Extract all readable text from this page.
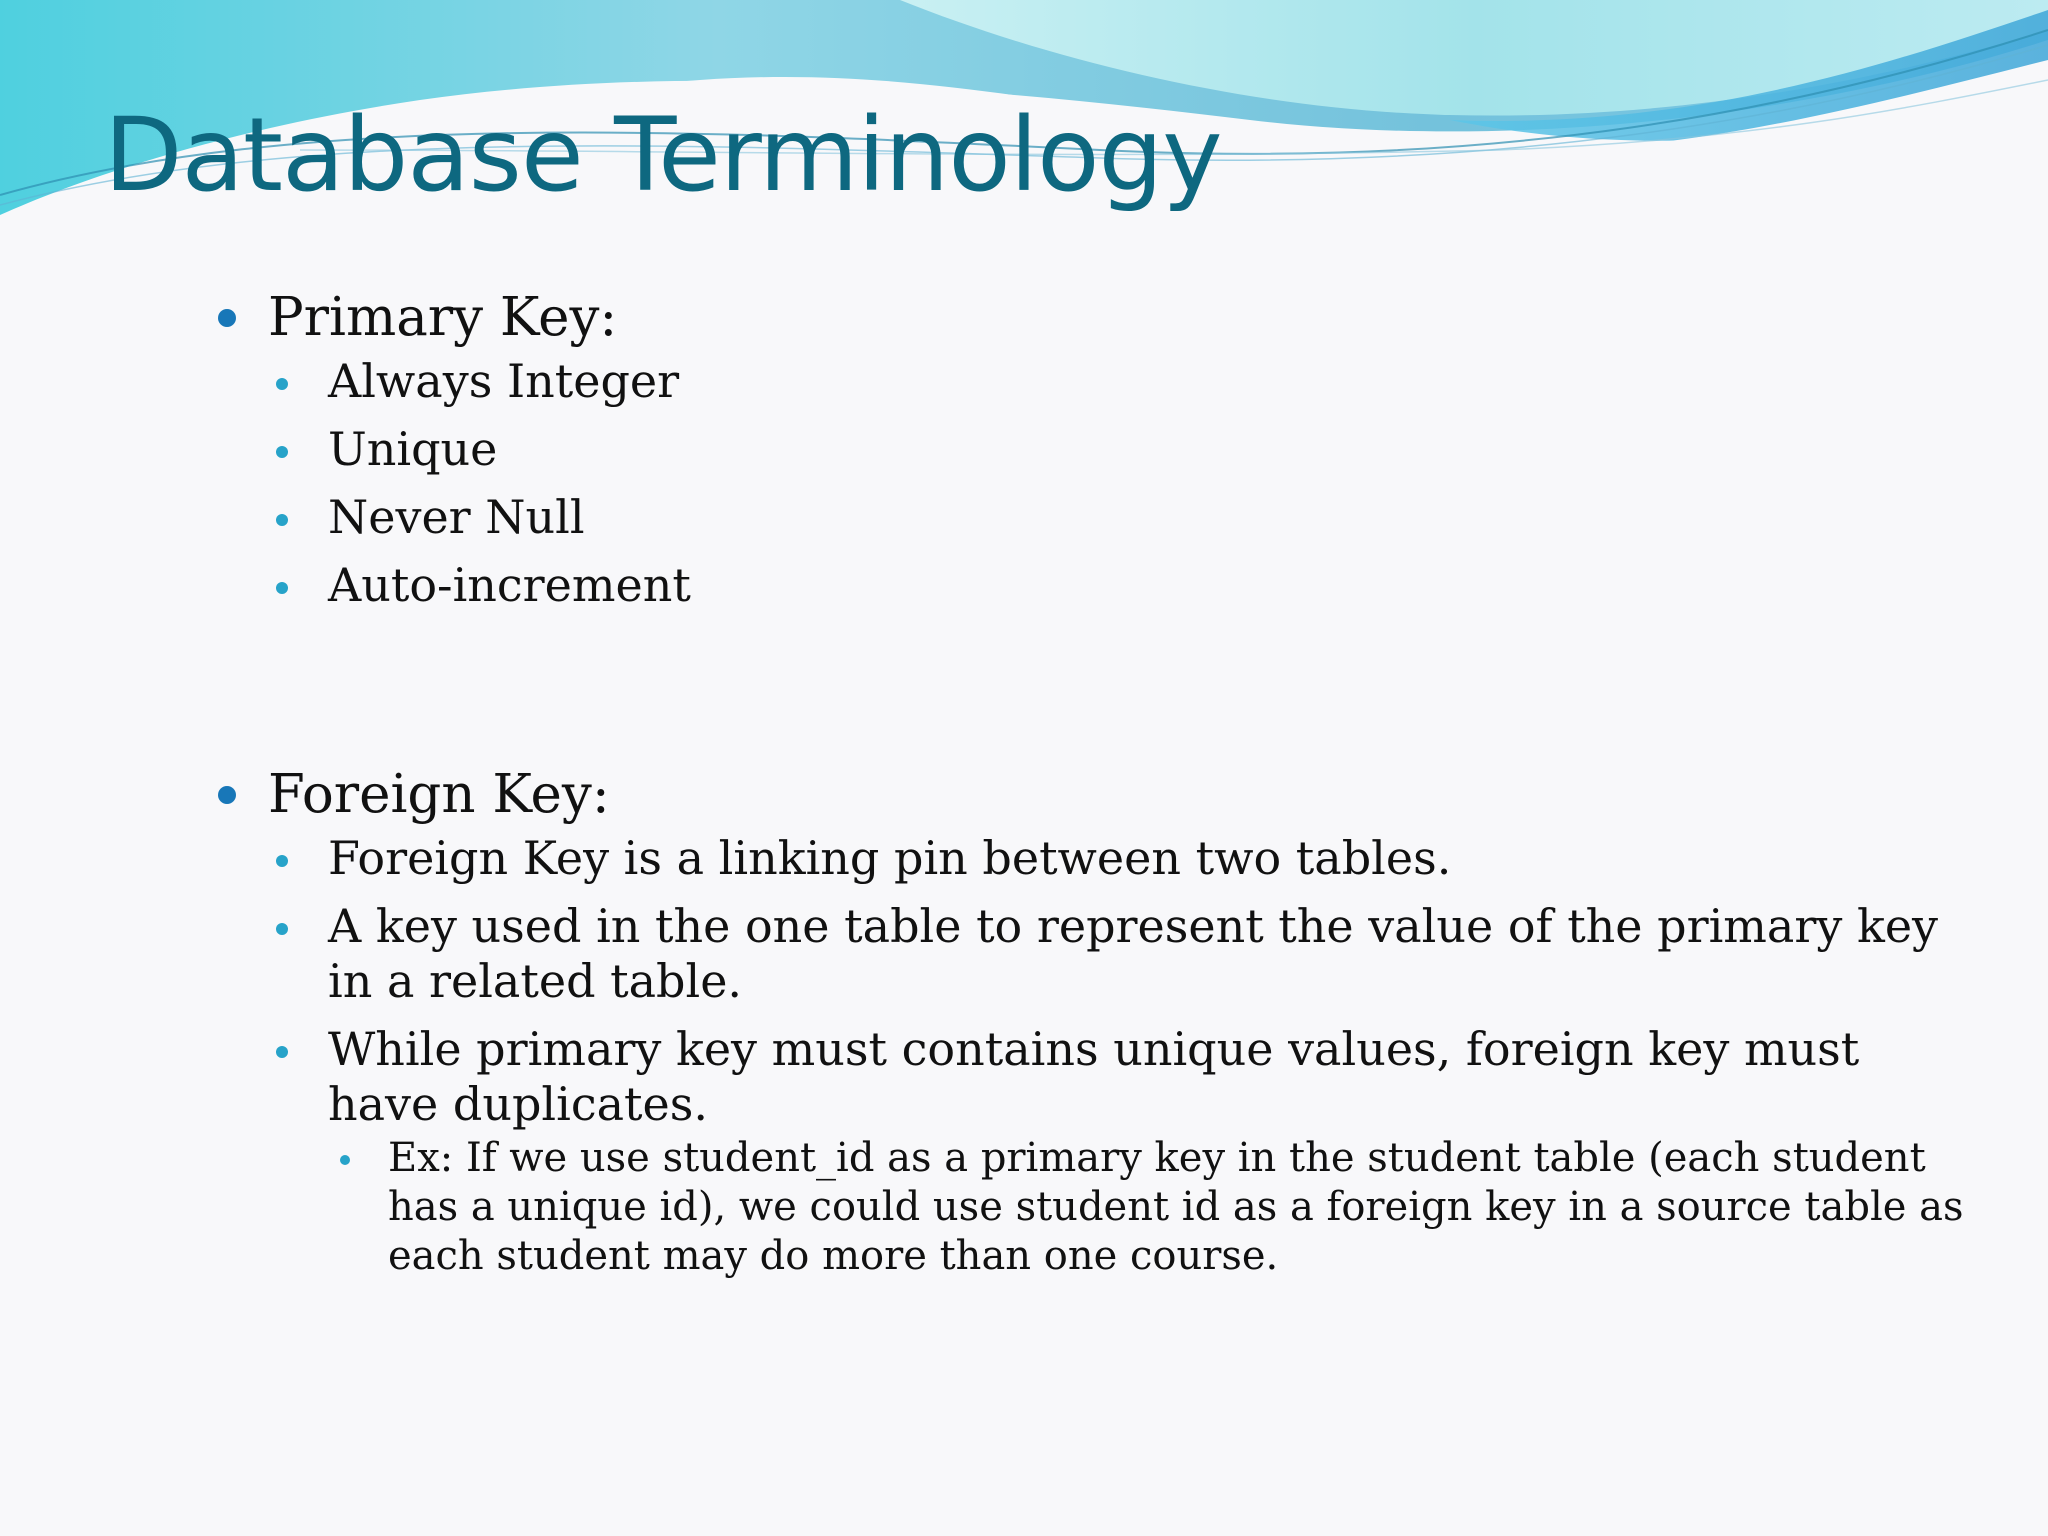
Database Terminology
Primary Key:
Always Integer
Unique
Never Null
Auto-increment
Foreign Key:
Foreign Key is a linking pin between two tables.
A key used in the one table to represent the value of the primary key in a related table.
While primary key must contains unique values, foreign key must have duplicates.
Ex: If we use student_id as a primary key in the student table (each student has a unique id), we could use student id as a foreign key in a source table as each student may do more than one course.
